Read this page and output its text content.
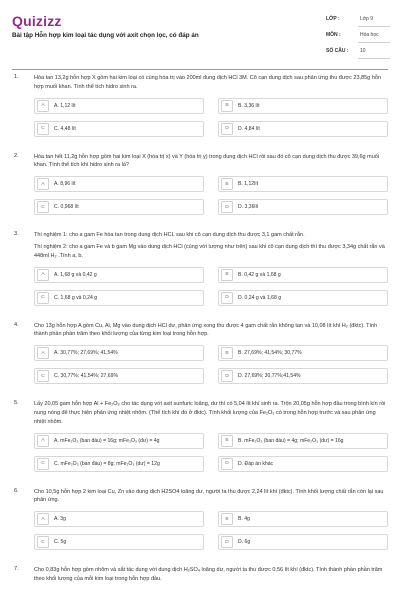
Quizizz
Bài tập Hỗn hợp kim loại tác dụng với axit chọn lọc, có đáp án
LỚP :	Lớp 9
MÔN :	Hóa học
SỐ CÂU : 10
1.	Hòa tan 13,2g hỗn hợp X gồm hai kim loại có cùng hóa trị vào 200ml dung dịch HCl 3M. Cô cạn dung dịch sau phản ứng thu được 23,85g hỗn hợp muối khan. Tính thể tích hidro sinh ra.

A	A. 1,12 lít	B	B. 3,36 lít
C	C. 4,48 lít	D	D. 4,84 lít
2.	Hòa tan hết 11,2g hỗn hợp gồm hai kim loại X (hóa trị x) và Y (hóa trị y) trong dung dịch HCl rồi sau đó cô cạn dung dịch thu được 39,6g muối khan. Tính thể tích khí hidro sinh ra là?

A	A. 8,96 lít	B	B. 1,12lít
C	C. 0,968 lít	D	D. 3,36lít
3.	Thí nghiệm 1: cho a gam Fe hòa tan trong dung dịch HCL sau khi cô cạn dung dịch thu được 3,1 gam chất rắn.

Thí nghiệm 2: cho a gam Fe và b gam Mg vào dung dịch HCl (cùng với lượng như trên) sau khi cô cạn dung dịch thì thu được 3,34g chất rắn và 448ml H₂ .Tính a, b.

A	A. 1,68 g và 0,42 g	B	B. 0,42 g và 1,68 g
C	C. 1,68 g và 0,24 g	D	D. 0,24 g và 1,68 g
4.	Cho 13g hỗn hợp A gồm Cu, Al, Mg vào dung dịch HCl dư, phản ứng xong thu được 4 gam chất rắn không tan và 10,08 lít khí H₂ (đktc). Tính thành phần phần trăm theo khối lượng của từng kim loại trong hỗn hợp.

A	A. 30,77%; 27,69%; 41,54%	B	B. 27,69%; 41,54%; 30,77%
C	C. 30,77%; 41,54%; 27,69%	D	D. 27,69%; 30,77%;41,54%
5.	Lấy 20,05 gam hỗn hợp Al + Fe₂O₃ cho tác dụng với axit sunfuric loãng, dư thì có 5,04 lít khí sinh ra. Trộn 20,05g hỗn hợp đầu trong bình kín rồi nung nóng để thực hiện phản ứng nhiệt nhôm. (Thể tích khí đo ở đktc). Tính khối lượng của Fe₂O₃ có trong hỗn hợp trước và sau phản ứng nhiệt nhôm.

A	A. mFe₂O₃ (ban đầu) = 16g; mFe₂O₃ (dư) = 4g	B	B. mFe₂O₃ (ban đầu) = 4g; mFe₂O₃ (dư) = 16g
C	C. mFe₂O₃ (ban đầu) = 8g; mFe₂O₃ (dư) = 12g	D	D. Đáp án khác
6.	Cho 10,5g hỗn hợp 2 kim loại Cu, Zn vào dung dịch H2SO4 loãng dư, người ta thu được 2,24 lít khí (đktc). Tính khối lượng chất rắn còn lại sau phản ứng.

A	A. 3g	B	B. 4g
C	C. 5g	D	D. 6g
7.	Cho 0,83g hỗn hợp gồm nhôm và sắt tác dụng với dung dịch H₂SO₄ loãng dư, người ta thu được 0,56 lít khí (đktc). Tính thành phần phần trăm theo khối lượng của mỗi kim loại trong hỗn hợp đầu.
